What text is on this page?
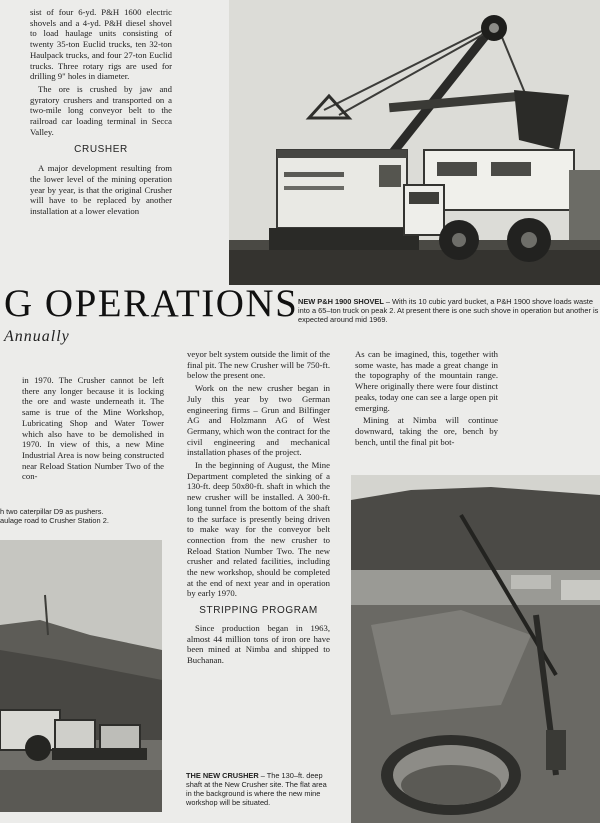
sist of four 6-yd. P&H 1600 electric shovels and a 4-yd. P&H diesel shovel to load haulage units consisting of twenty 35-ton Euclid trucks, ten 32-ton Haulpack trucks, and four 27-ton Euclid trucks. Three rotary rigs are used for drilling 9" holes in diameter.

The ore is crushed by jaw and gyratory crushers and transported on a two-mile long conveyor belt to the railroad car loading terminal in Secca Valley.

CRUSHER

A major development resulting from the lower level of the mining operation year by year, is that the original Crusher will have to be replaced by another installation at a lower elevation

G OPERATIONS
Annually
NEW P&H 1900 SHOVEL – With its 10 cubic yard bucket, a P&H 1900 shove loads waste into a 65–ton truck on peak 2. At present there is one such shove in operation but another is expected around mid 1969.

in 1970. The Crusher cannot be left there any longer because it is locking the ore and waste underneath it. The same is true of the Mine Workshop, Lubricating Shop and Water Tower which also have to be demolished in 1970. In view of this, a new Mine Industrial Area is now being constructed near Reload Station Number Two of the con-

h two caterpillar D9 as pushers.
aulage road to Crusher Station 2.

veyor belt system outside the limit of the final pit. The new Crusher will be 750-ft. below the present one.

Work on the new crusher began in July this year by two German engineering firms – Grun and Bilfinger AG and Holzmann AG of West Germany, which won the contract for the civil engineering and mechanical installation phases of the project.

In the beginning of August, the Mine Department completed the sinking of a 130-ft. deep 50x80-ft. shaft in which the new crusher will be installed. A 300-ft. long tunnel from the bottom of the shaft to the surface is presently being driven to make way for the conveyor belt connection from the new crusher to Reload Station Number Two. The new crusher and related facilities, including the new workshop, should be completed at the end of next year and in operation by early 1970.

STRIPPING PROGRAM

Since production began in 1963, almost 44 million tons of iron ore have been mined at Nimba and shipped to Buchanan.

THE NEW CRUSHER – The 130–ft. deep shaft at the New Crusher site. The flat area in the background is where the new mine workshop will be situated.

As can be imagined, this, together with some waste, has made a great change in the topography of the mountain range. Where originally there were four distinct peaks, today one can see a large open pit emerging.

Mining at Nimba will continue downward, taking the ore, bench by bench, until the final pit bot-
